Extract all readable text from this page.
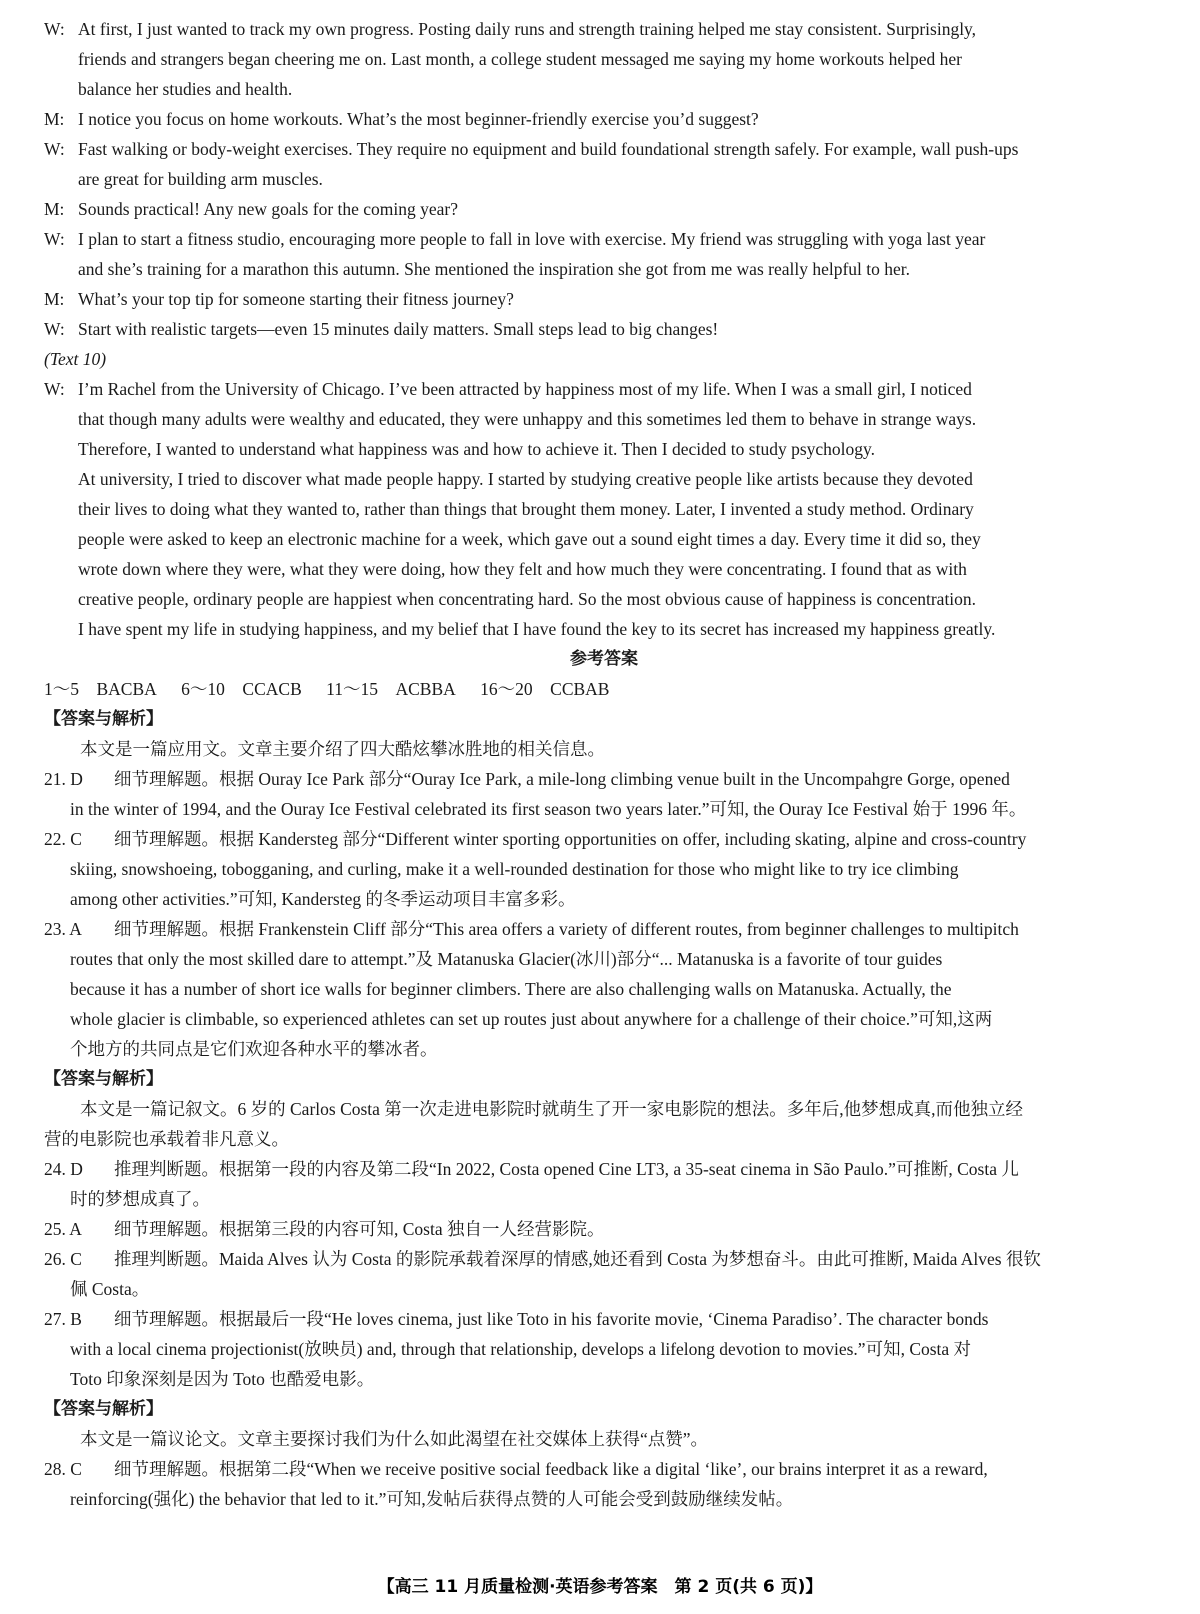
W: At first, I just wanted to track my own progress. Posting daily runs and strength training helped me stay consistent. Surprisingly,
friends and strangers began cheering me on. Last month, a college student messaged me saying my home workouts helped her
balance her studies and health.
M: I notice you focus on home workouts. What’s the most beginner-friendly exercise you’d suggest?
W: Fast walking or body-weight exercises. They require no equipment and build foundational strength safely. For example, wall push-ups
are great for building arm muscles.
M: Sounds practical! Any new goals for the coming year?
W: I plan to start a fitness studio, encouraging more people to fall in love with exercise. My friend was struggling with yoga last year
and she’s training for a marathon this autumn. She mentioned the inspiration she got from me was really helpful to her.
M: What’s your top tip for someone starting their fitness journey?
W: Start with realistic targets—even 15 minutes daily matters. Small steps lead to big changes!
(Text 10)
W: I’m Rachel from the University of Chicago. I’ve been attracted by happiness most of my life. When I was a small girl, I noticed
that though many adults were wealthy and educated, they were unhappy and this sometimes led them to behave in strange ways.
Therefore, I wanted to understand what happiness was and how to achieve it. Then I decided to study psychology.
At university, I tried to discover what made people happy. I started by studying creative people like artists because they devoted
their lives to doing what they wanted to, rather than things that brought them money. Later, I invented a study method. Ordinary
people were asked to keep an electronic machine for a week, which gave out a sound eight times a day. Every time it did so, they
wrote down where they were, what they were doing, how they felt and how much they were concentrating. I found that as with
creative people, ordinary people are happiest when concentrating hard. So the most obvious cause of happiness is concentration.
I have spent my life in studying happiness, and my belief that I have found the key to its secret has increased my happiness greatly.
参考答案
1～5　BACBA 6～10　CCACB 11～15　ACBBA 16～20　CCBAB
【答案与解析】
本文是一篇应用文。文章主要介绍了四大酷炫攀冰胜地的相关信息。
21. D	细节理解题。根据 Ouray Ice Park 部分“Ouray Ice Park, a mile-long climbing venue built in the Uncompahgre Gorge, opened
in the winter of 1994, and the Ouray Ice Festival celebrated its first season two years later.”可知, the Ouray Ice Festival 始于 1996 年。
22. C	细节理解题。根据 Kandersteg 部分“Different winter sporting opportunities on offer, including skating, alpine and cross-country
skiing, snowshoeing, tobogganing, and curling, make it a well-rounded destination for those who might like to try ice climbing
among other activities.”可知, Kandersteg 的冬季运动项目丰富多彩。
23. A	细节理解题。根据 Frankenstein Cliff 部分“This area offers a variety of different routes, from beginner challenges to multipitch
routes that only the most skilled dare to attempt.”及 Matanuska Glacier(冰川)部分“... Matanuska is a favorite of tour guides
because it has a number of short ice walls for beginner climbers. There are also challenging walls on Matanuska. Actually, the
whole glacier is climbable, so experienced athletes can set up routes just about anywhere for a challenge of their choice.”可知,这两
个地方的共同点是它们欢迎各种水平的攀冰者。
【答案与解析】
本文是一篇记叙文。6 岁的 Carlos Costa 第一次走进电影院时就萌生了开一家电影院的想法。多年后,他梦想成真,而他独立经
营的电影院也承载着非凡意义。
24. D	推理判断题。根据第一段的内容及第二段“In 2022, Costa opened Cine LT3, a 35-seat cinema in São Paulo.”可推断, Costa 儿
时的梦想成真了。
25. A	细节理解题。根据第三段的内容可知, Costa 独自一人经营影院。
26. C	推理判断题。Maida Alves 认为 Costa 的影院承载着深厚的情感,她还看到 Costa 为梦想奋斗。由此可推断, Maida Alves 很钦
佩 Costa。
27. B	细节理解题。根据最后一段“He loves cinema, just like Toto in his favorite movie, ‘Cinema Paradiso’. The character bonds
with a local cinema projectionist(放映员) and, through that relationship, develops a lifelong devotion to movies.”可知, Costa 对
Toto 印象深刻是因为 Toto 也酷爱电影。
【答案与解析】
本文是一篇议论文。文章主要探讨我们为什么如此渴望在社交媒体上获得“点赞”。
28. C	细节理解题。根据第二段“When we receive positive social feedback like a digital ‘like’, our brains interpret it as a reward,
reinforcing(强化) the behavior that led to it.”可知,发帖后获得点赞的人可能会受到鼓励继续发帖。
【高三 11 月质量检测·英语参考答案　第 2 页(共 6 页)】
